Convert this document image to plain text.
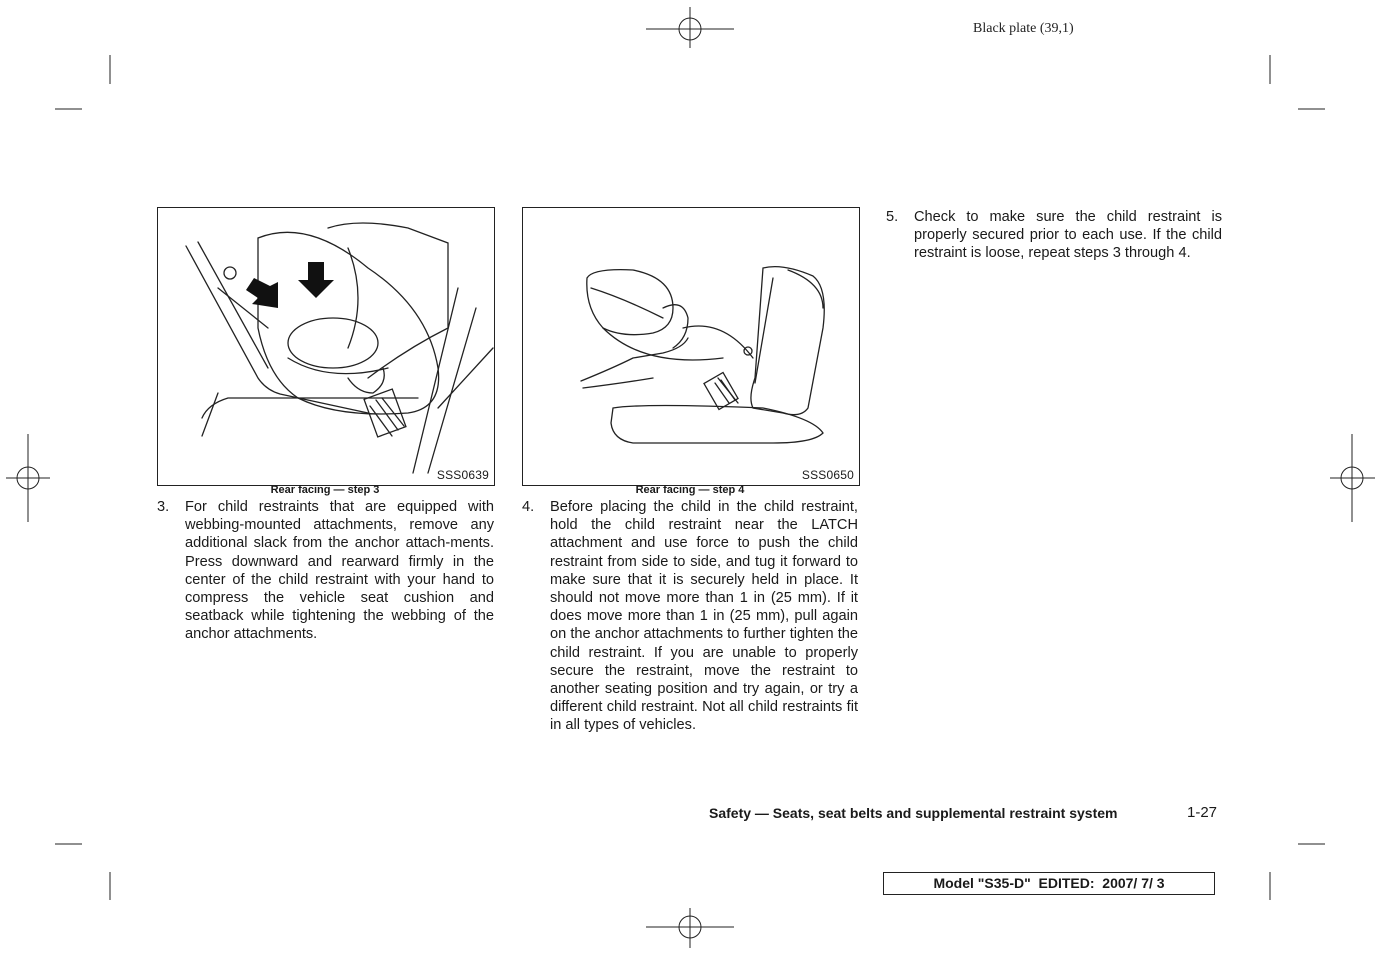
Black plate (39,1)
SSS0639
Rear facing — step 3
SSS0650
Rear facing — step 4
3. For child restraints that are equipped with webbing-mounted attachments, remove any additional slack from the anchor attach-ments. Press downward and rearward firmly in the center of the child restraint with your hand to compress the vehicle seat cushion and seatback while tightening the webbing of the anchor attachments.
4. Before placing the child in the child restraint, hold the child restraint near the LATCH attachment and use force to push the child restraint from side to side, and tug it forward to make sure that it is securely held in place. It should not move more than 1 in (25 mm). If it does move more than 1 in (25 mm), pull again on the anchor attachments to further tighten the child restraint. If you are unable to properly secure the restraint, move the restraint to another seating position and try again, or try a different child restraint. Not all child restraints fit in all types of vehicles.
5. Check to make sure the child restraint is properly secured prior to each use. If the child restraint is loose, repeat steps 3 through 4.
Safety — Seats, seat belts and supplemental restraint system	1-27
Model "S35-D"  EDITED:  2007/ 7/ 3
